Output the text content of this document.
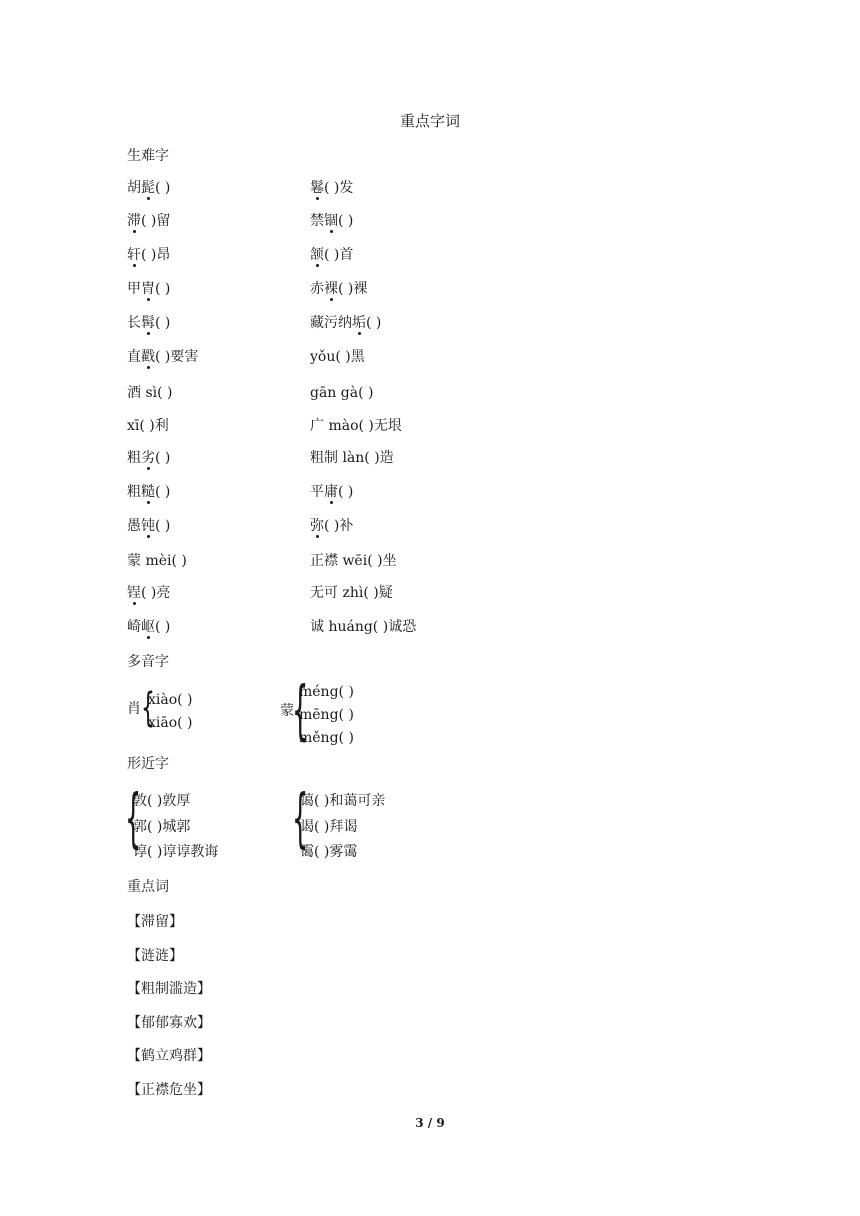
重点字词
生难字
胡髭( )
滞( )留
轩( )昂
甲胄( )
长髯( )
直戳( )要害
酒 sì( )
xī( )利
粗劣( )
粗糙( )
愚钝( )
蒙 mèi( )
锃( )亮
崎岖( )
鬈( )发
禁锢( )
颔( )首
赤裸( )裸
藏污纳垢( )
yǒu( )黑
gān gà( )
广 mào( )无垠
粗制 làn( )造
平庸( )
弥( )补
正襟 wēi( )坐
无可 zhì( )疑
诚 huáng( )诚恐
多音字
肖 {
xiào( )
xiāo( )
蒙
{
méng( )
mēng( )
měng( )
形近字
{
敦( )敦厚
郭( )城郭
谆( )谆谆教诲 {
蔼( )和蔼可亲
谒( )拜谒
霭( )雾霭
重点词
【滞留】
【涟涟】
【粗制滥造】
【郁郁寡欢】
【鹤立鸡群】
【正襟危坐】
3 / 9
